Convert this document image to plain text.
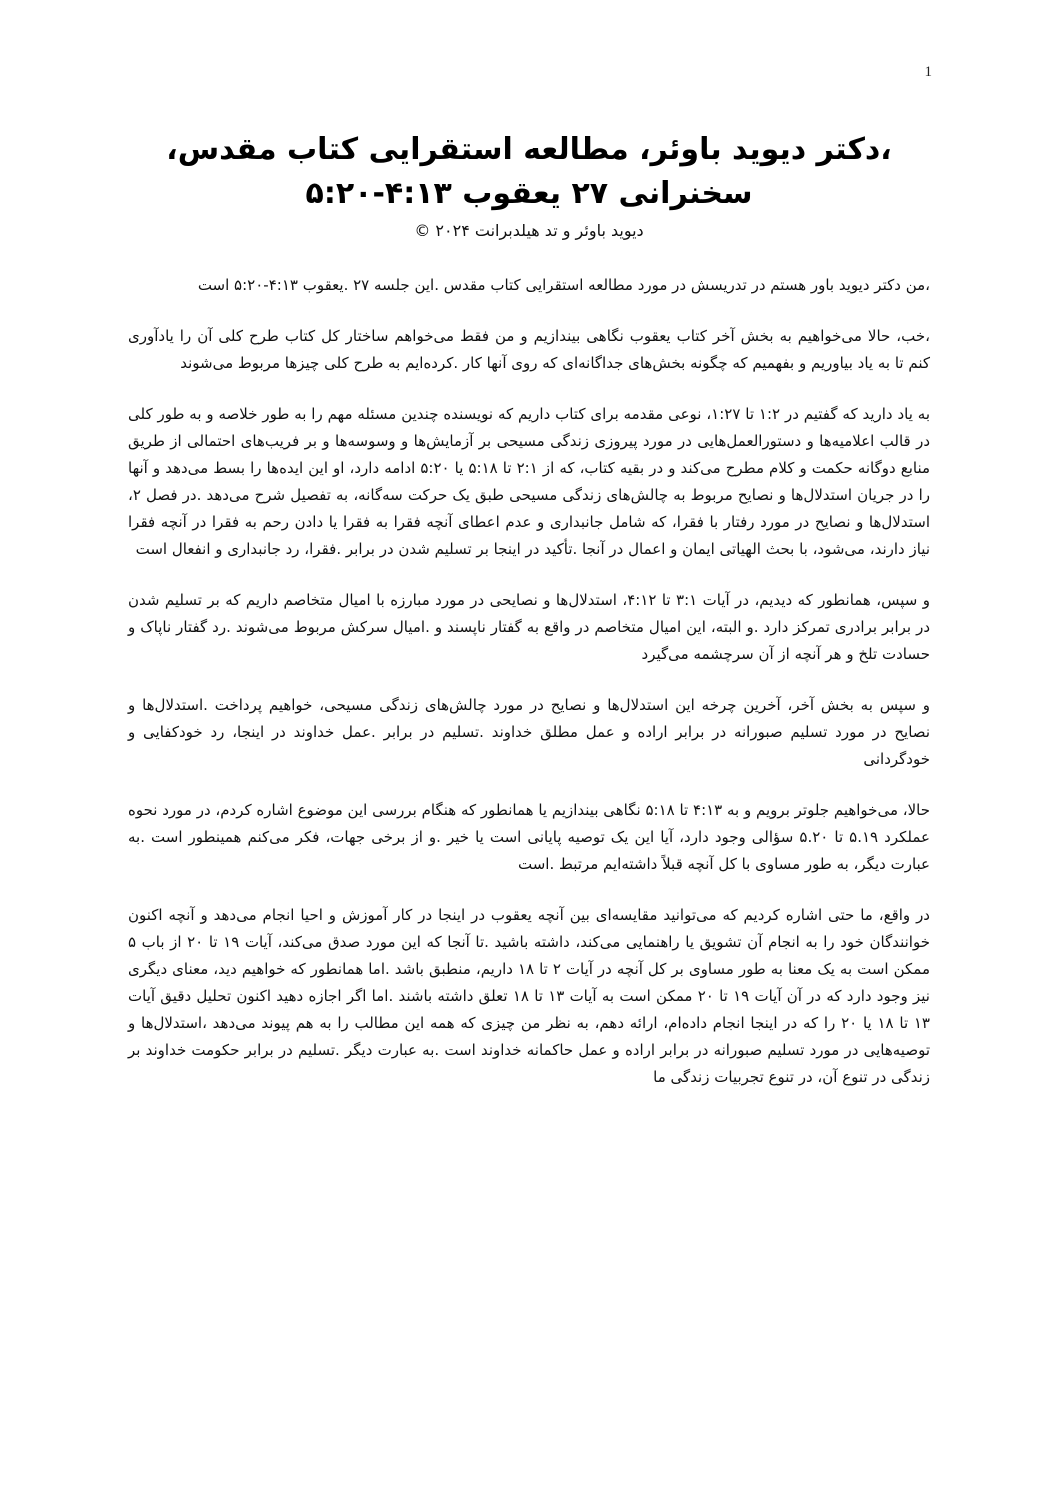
1
،دکتر دیوید باوئر، مطالعه استقرایی کتاب مقدس، سخنرانی ۲۷ یعقوب ۴:۱۳-۵:۲۰
دیوید باوئر و تد هیلدبرانت ۲۰۲۴ ©

،من دکتر دیوید باور هستم در تدریسش در مورد مطالعه استقرایی کتاب مقدس .این جلسه ۲۷ .یعقوب ۴:۱۳-۵:۲۰ است

،خب، حالا می‌خواهیم به بخش آخر کتاب یعقوب نگاهی بیندازیم و من فقط می‌خواهم ساختار کل کتاب طرح کلی آن را یادآوری کنم تا به یاد بیاوریم و بفهمیم که چگونه بخش‌های جداگانه‌ای که روی آنها کار .کرده‌ایم به طرح کلی چیزها مربوط می‌شوند

به یاد دارید که گفتیم در ۱:۲ تا ۱:۲۷، نوعی مقدمه برای کتاب داریم که نویسنده چندین مسئله مهم را به طور خلاصه و به طور کلی در قالب اعلامیه‌ها و دستورالعمل‌هایی در مورد پیروزی زندگی مسیحی بر آزمایش‌ها و وسوسه‌ها و بر فریب‌های احتمالی از طریق منابع دوگانه حکمت و کلام مطرح می‌کند و در بقیه کتاب، که از ۲:۱ تا ۵:۱۸ یا ۵:۲۰ ادامه دارد، او این ایده‌ها را بسط می‌دهد و آنها را در جریان استدلال‌ها و نصایح مربوط به چالش‌های زندگی مسیحی طبق یک حرکت سه‌گانه، به تفصیل شرح می‌دهد .در فصل ۲، استدلال‌ها و نصایح در مورد رفتار با فقرا، که شامل جانبداری و عدم اعطای آنچه فقرا به فقرا یا دادن رحم به فقرا در آنچه فقرا نیاز دارند، می‌شود، با بحث الهیاتی ایمان و اعمال در آنجا .تأکید در اینجا بر تسلیم شدن در برابر .فقرا، رد جانبداری و انفعال است

و سپس، همانطور که دیدیم، در آیات ۳:۱ تا ۴:۱۲، استدلال‌ها و نصایحی در مورد مبارزه با امیال متخاصم داریم که بر تسلیم شدن در برابر برادری تمرکز دارد .و البته، این امیال متخاصم در واقع به گفتار ناپسند و .امیال سرکش مربوط می‌شوند .رد گفتار ناپاک و حسادت تلخ و هر آنچه از آن سرچشمه می‌گیرد

و سپس به بخش آخر، آخرین چرخه این استدلال‌ها و نصایح در مورد چالش‌های زندگی مسیحی، خواهیم پرداخت .استدلال‌ها و نصایح در مورد تسلیم صبورانه در برابر اراده و عمل مطلق خداوند .تسلیم در برابر .عمل خداوند در اینجا، رد خودکفایی و خودگردانی

حالا، می‌خواهیم جلوتر برویم و به ۴:۱۳ تا ۵:۱۸ نگاهی بیندازیم یا همانطور که هنگام بررسی این موضوع اشاره کردم، در مورد نحوه عملکرد ۵.۱۹ تا ۵.۲۰ سؤالی وجود دارد، آیا این یک توصیه پایانی است یا خیر .و از برخی جهات، فکر می‌کنم همینطور است .به عبارت دیگر، به طور مساوی با کل آنچه قبلاً داشته‌ایم مرتبط .است

در واقع، ما حتی اشاره کردیم که می‌توانید مقایسه‌ای بین آنچه یعقوب در اینجا در کار آموزش و احیا انجام می‌دهد و آنچه اکنون خوانندگان خود را به انجام آن تشویق یا راهنمایی می‌کند، داشته باشید .تا آنجا که این مورد صدق می‌کند، آیات ۱۹ تا ۲۰ از باب ۵ ممکن است به یک معنا به طور مساوی بر کل آنچه در آیات ۲ تا ۱۸ داریم، منطبق باشد .اما همانطور که خواهیم دید، معنای دیگری نیز وجود دارد که در آن آیات ۱۹ تا ۲۰ ممکن است به آیات ۱۳ تا ۱۸ تعلق داشته باشند .اما اگر اجازه دهید اکنون تحلیل دقیق آیات ۱۳ تا ۱۸ یا ۲۰ را که در اینجا انجام داده‌ام، ارائه دهم، به نظر من چیزی که همه این مطالب را به هم پیوند می‌دهد ،استدلال‌ها و توصیه‌هایی در مورد تسلیم صبورانه در برابر اراده و عمل حاکمانه خداوند است .به عبارت دیگر .تسلیم در برابر حکومت خداوند بر زندگی در تنوع آن، در تنوع تجربیات زندگی ما
